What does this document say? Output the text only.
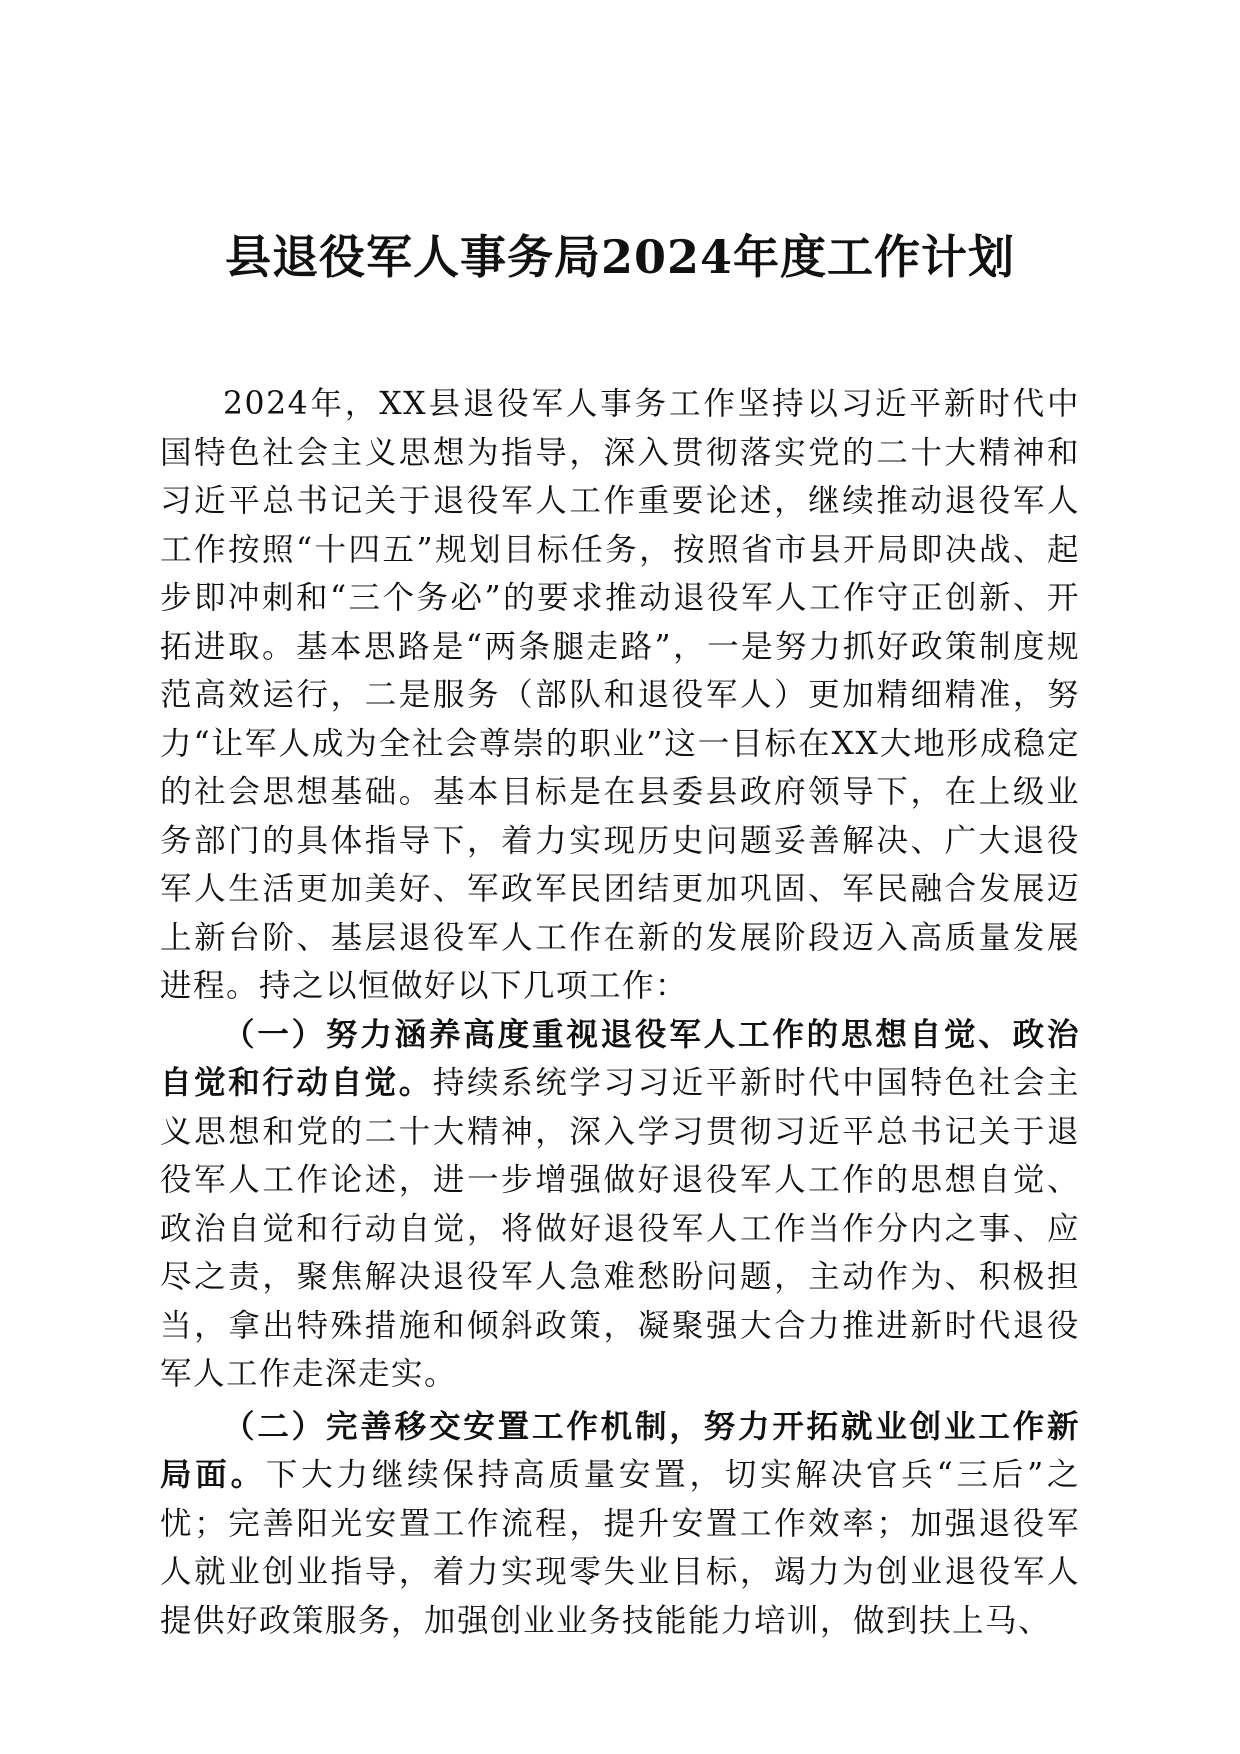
县退役军人事务局2024年度工作计划

2024年，XX县退役军人事务工作坚持以习近平新时代中国特色社会主义思想为指导，深入贯彻落实党的二十大精神和习近平总书记关于退役军人工作重要论述，继续推动退役军人工作按照“十四五”规划目标任务，按照省市县开局即决战、起步即冲刺和“三个务必”的要求推动退役军人工作守正创新、开拓进取。基本思路是“两条腿走路”，一是努力抓好政策制度规范高效运行，二是服务（部队和退役军人）更加精细精准，努力“让军人成为全社会尊崇的职业”这一目标在XX大地形成稳定的社会思想基础。基本目标是在县委县政府领导下，在上级业务部门的具体指导下，着力实现历史问题妥善解决、广大退役军人生活更加美好、军政军民团结更加巩固、军民融合发展迈上新台阶、基层退役军人工作在新的发展阶段迈入高质量发展进程。持之以恒做好以下几项工作：

（一）努力涵养高度重视退役军人工作的思想自觉、政治自觉和行动自觉。持续系统学习习近平新时代中国特色社会主义思想和党的二十大精神，深入学习贯彻习近平总书记关于退役军人工作论述，进一步增强做好退役军人工作的思想自觉、政治自觉和行动自觉，将做好退役军人工作当作分内之事、应尽之责，聚焦解决退役军人急难愁盼问题，主动作为、积极担当，拿出特殊措施和倾斜政策，凝聚强大合力推进新时代退役军人工作走深走实。

（二）完善移交安置工作机制，努力开拓就业创业工作新局面。下大力继续保持高质量安置，切实解决官兵“三后”之忧；完善阳光安置工作流程，提升安置工作效率；加强退役军人就业创业指导，着力实现零失业目标，竭力为创业退役军人提供好政策服务，加强创业业务技能能力培训，做到扶上马、
